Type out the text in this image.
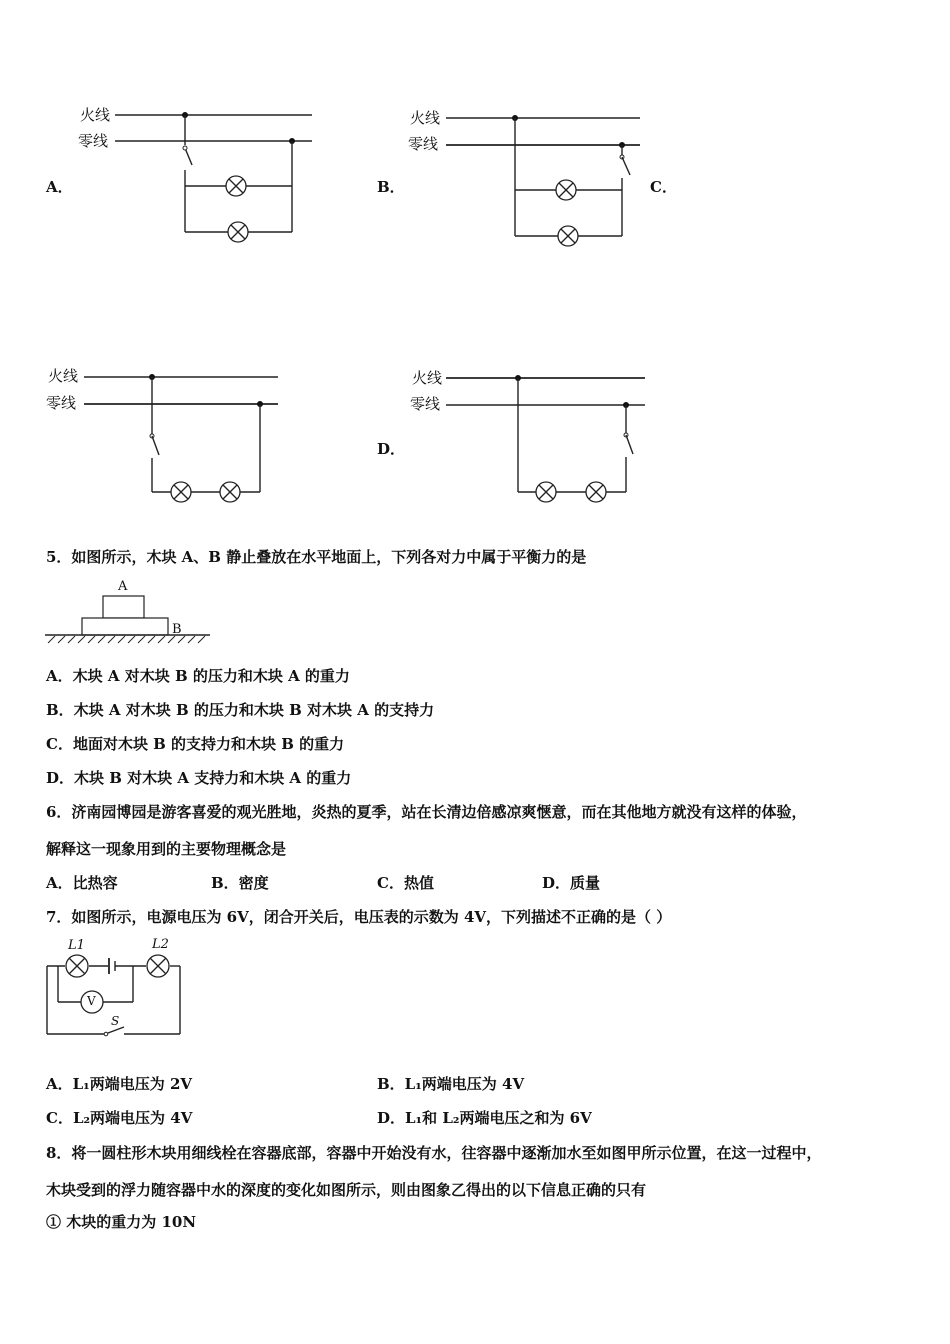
火线
零线
火线
零线
火线
零线
火线
零线
A．	B．	C．
D．
5．如图所示，木块 A、B 静止叠放在水平地面上，下列各对力中属于平衡力的是
A
B
A．木块 A 对木块 B 的压力和木块 A 的重力
B．木块 A 对木块 B 的压力和木块 B 对木块 A 的支持力
C．地面对木块 B 的支持力和木块 B 的重力
D．木块 B 对木块 A 支持力和木块 A 的重力
6．济南园博园是游客喜爱的观光胜地，炎热的夏季，站在长清边倍感凉爽惬意，而在其他地方就没有这样的体验，
解释这一现象用到的主要物理概念是
A．比热容	B．密度	C．热值	D．质量
7．如图所示，电源电压为 6V，闭合开关后，电压表的示数为 4V，下列描述不正确的是（ ）
L1	L2
V
S
A．L₁两端电压为 2V	B．L₁两端电压为 4V
C．L₂两端电压为 4V	D．L₁和 L₂两端电压之和为 6V
8．将一圆柱形木块用细线栓在容器底部，容器中开始没有水，往容器中逐渐加水至如图甲所示位置，在这一过程中，
木块受到的浮力随容器中水的深度的变化如图所示，则由图象乙得出的以下信息正确的只有
① 木块的重力为 10N
